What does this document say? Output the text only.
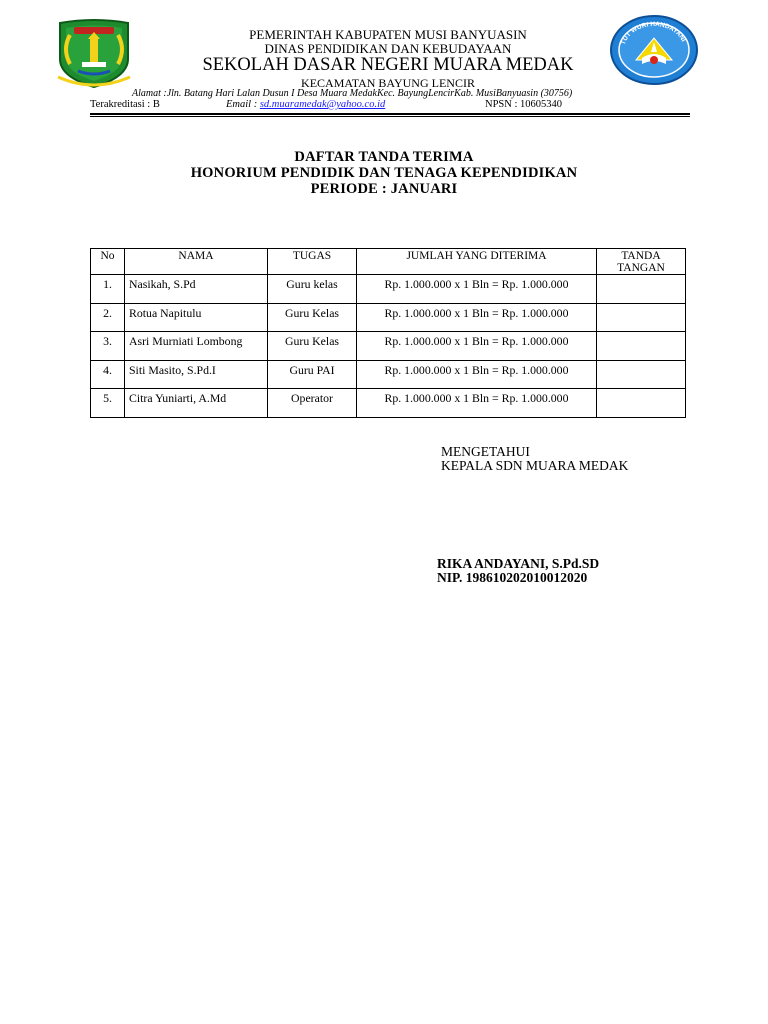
TUT WURI HANDAYANI
PEMERINTAH KABUPATEN MUSI BANYUASIN
DINAS PENDIDIKAN DAN KEBUDAYAAN
SEKOLAH DASAR NEGERI MUARA MEDAK
KECAMATAN BAYUNG LENCIR
Alamat :Jln. Batang Hari Lalan Dusun I Desa Muara MedakKec. BayungLencirKab. MusiBanyuasin (30756)
Terakreditasi : B	Email : sd.muaramedak@yahoo.co.id	NPSN : 10605340
DAFTAR TANDA TERIMA
HONORIUM PENDIDIK DAN TENAGA KEPENDIDIKAN
PERIODE : JANUARI
No	NAMA	TUGAS	JUMLAH YANG DITERIMA	TANDA
TANGAN
1.	Nasikah, S.Pd	Guru kelas	Rp. 1.000.000 x 1 Bln = Rp. 1.000.000	
2.	Rotua Napitulu	Guru Kelas	Rp. 1.000.000 x 1 Bln = Rp. 1.000.000	
3.	Asri Murniati Lombong	Guru Kelas	Rp. 1.000.000 x 1 Bln = Rp. 1.000.000	
4.	Siti Masito, S.Pd.I	Guru PAI	Rp. 1.000.000 x 1 Bln = Rp. 1.000.000	
5.	Citra Yuniarti, A.Md	Operator	Rp. 1.000.000 x 1 Bln = Rp. 1.000.000	
MENGETAHUI
KEPALA SDN MUARA MEDAK
RIKA ANDAYANI, S.Pd.SD
NIP. 198610202010012020
